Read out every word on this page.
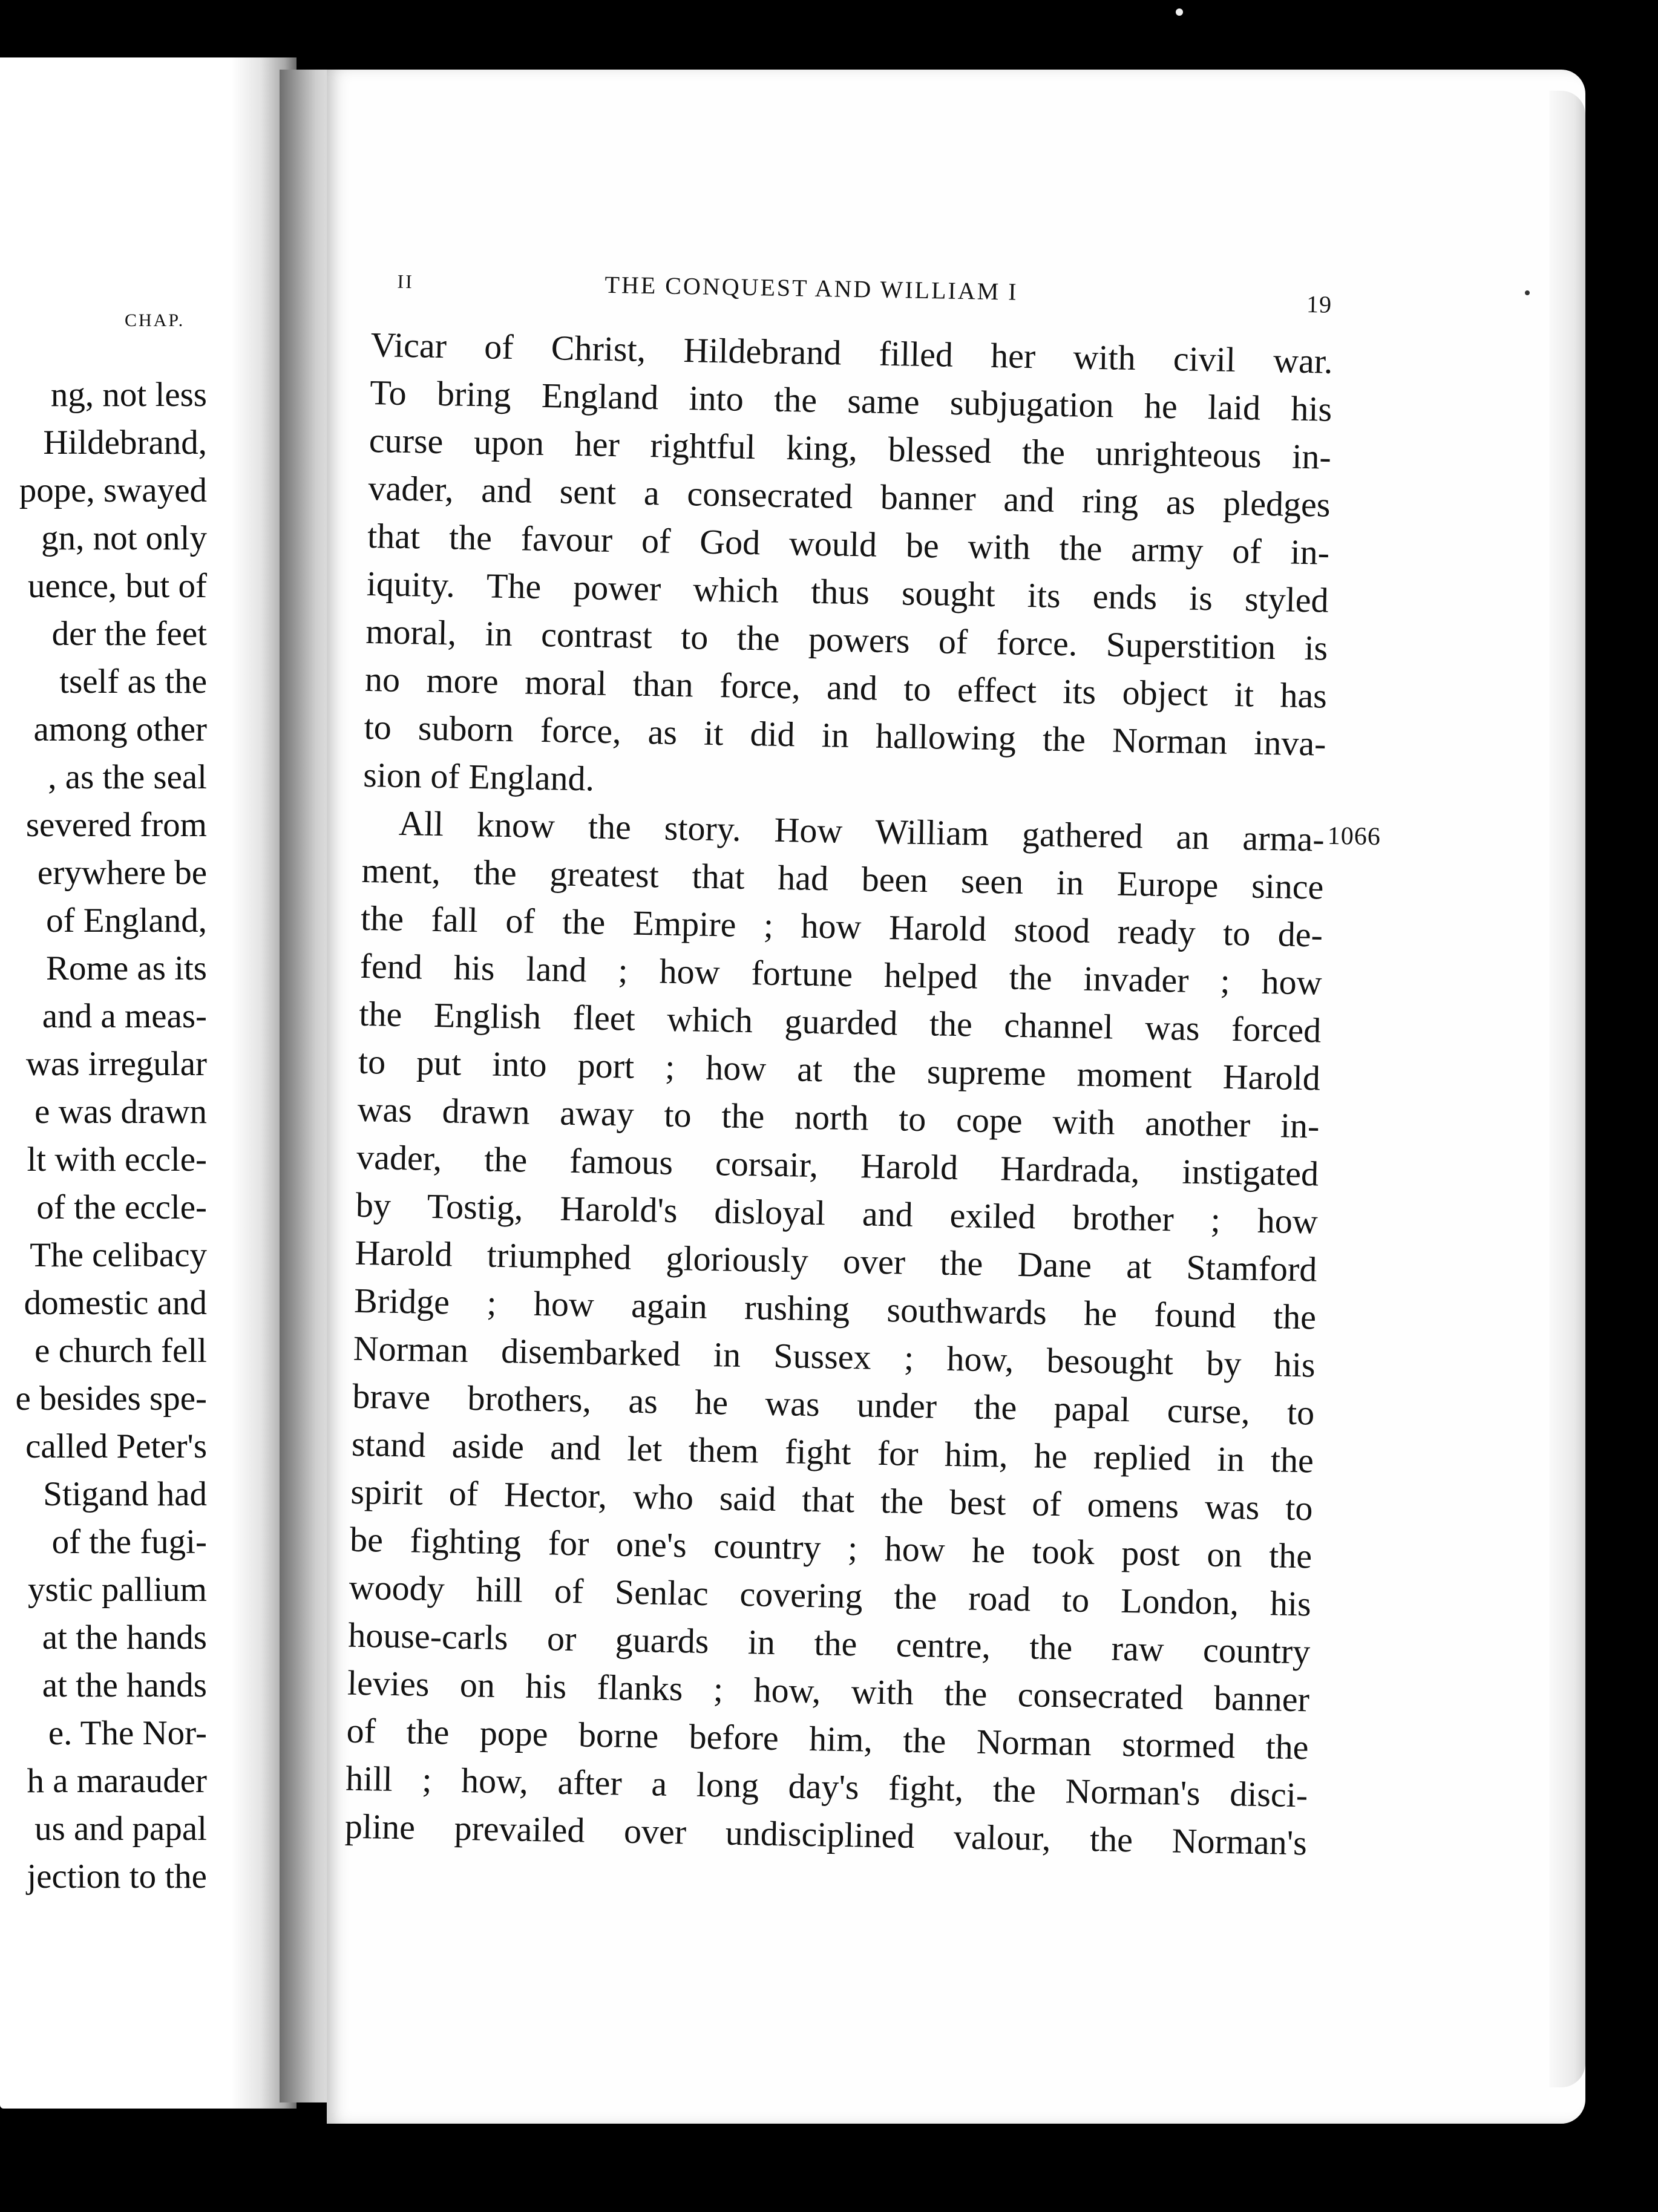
CHAP.
ng, not less
Hildebrand,
pope, swayed
gn, not only
uence, but of
der the feet
tself as the
among other
, as the seal
severed from
erywhere be
of England,
Rome as its
and a meas-
was irregular
e was drawn
lt with eccle-
of the eccle-
The celibacy
domestic and
e church fell
e besides spe-
called Peter's
Stigand had
of the fugi-
ystic pallium
at the hands
at the hands
e. The Nor-
h a marauder
us and papal
jection to the
II	THE CONQUEST AND WILLIAM I	19
Vicar of Christ, Hildebrand filled her with civil war.
To bring England into the same subjugation he laid his
curse upon her rightful king, blessed the unrighteous in-
vader, and sent a consecrated banner and ring as pledges
that the favour of God would be with the army of in-
iquity. The power which thus sought its ends is styled
moral, in contrast to the powers of force. Superstition is
no more moral than force, and to effect its object it has
to suborn force, as it did in hallowing the Norman inva-
sion of England.
1066
All know the story. How William gathered an arma-
ment, the greatest that had been seen in Europe since
the fall of the Empire ; how Harold stood ready to de-
fend his land ; how fortune helped the invader ; how
the English fleet which guarded the channel was forced
to put into port ; how at the supreme moment Harold
was drawn away to the north to cope with another in-
vader, the famous corsair, Harold Hardrada, instigated
by Tostig, Harold's disloyal and exiled brother ; how
Harold triumphed gloriously over the Dane at Stamford
Bridge ; how again rushing southwards he found the
Norman disembarked in Sussex ; how, besought by his
brave brothers, as he was under the papal curse, to
stand aside and let them fight for him, he replied in the
spirit of Hector, who said that the best of omens was to
be fighting for one's country ; how he took post on the
woody hill of Senlac covering the road to London, his
house-carls or guards in the centre, the raw country
levies on his flanks ; how, with the consecrated banner
of the pope borne before him, the Norman stormed the
hill ; how, after a long day's fight, the Norman's disci-
pline prevailed over undisciplined valour, the Norman's
